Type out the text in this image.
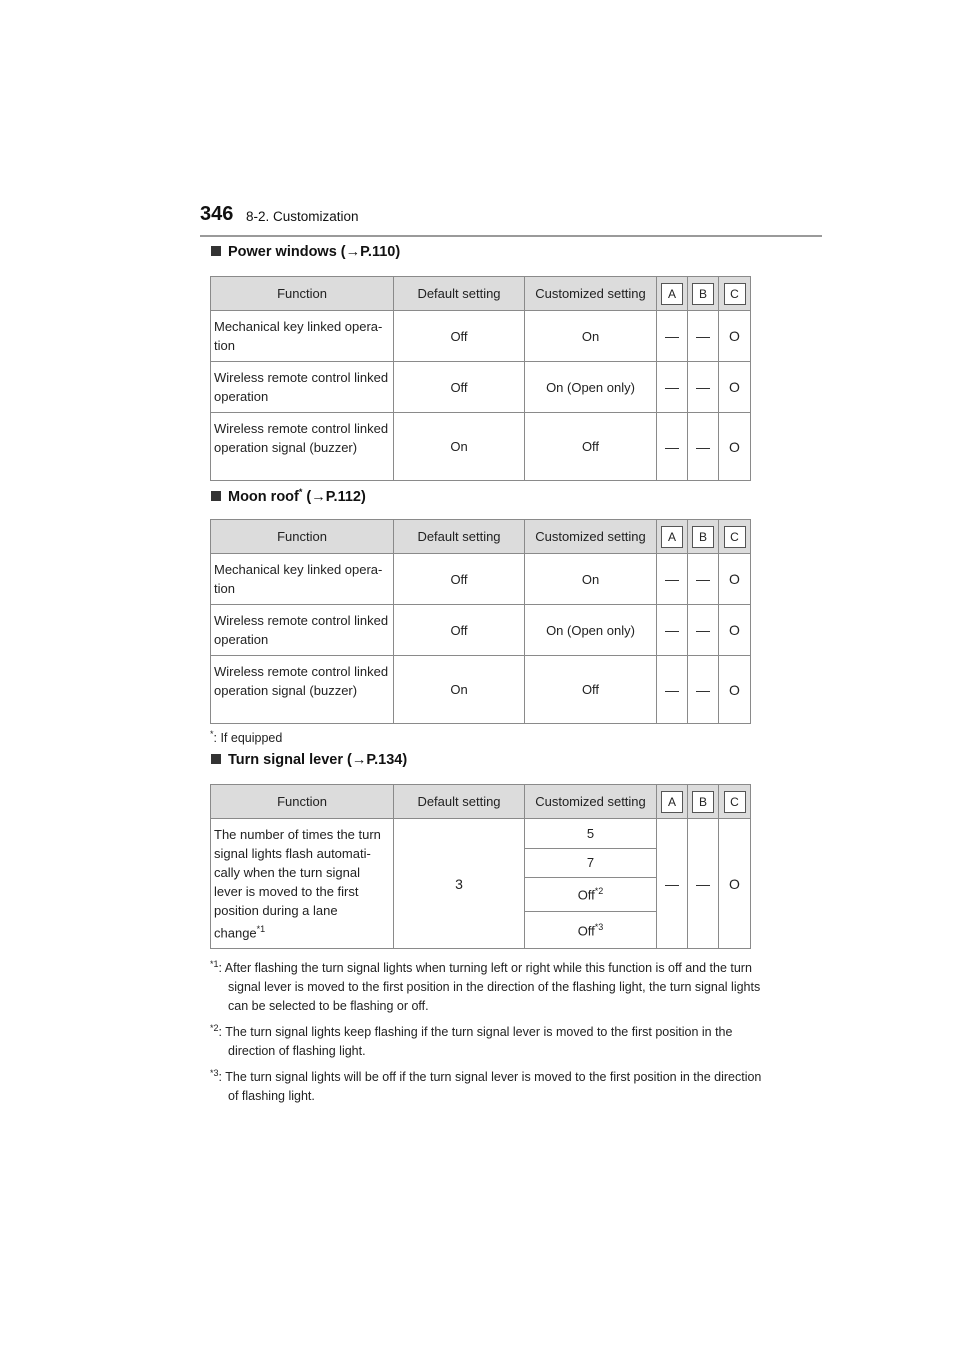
346 8-2. Customization
Power windows (→P.110)
Function	Default setting	Customized setting	A	B	C
Mechanical key linked opera-tion	Off	On	—	—	O
Wireless remote control linked operation	Off	On (Open only)	—	—	O
Wireless remote control linked operation signal (buzzer)	On	Off	—	—	O
Moon roof* (→P.112)
Function	Default setting	Customized setting	A	B	C
Mechanical key linked opera-tion	Off	On	—	—	O
Wireless remote control linked operation	Off	On (Open only)	—	—	O
Wireless remote control linked operation signal (buzzer)	On	Off	—	—	O
*: If equipped
Turn signal lever (→P.134)
Function	Default setting	Customized setting	A	B	C
The number of times the turn signal lights flash automati-cally when the turn signal lever is moved to the first position during a lane change$^{*1}$	3	5	—	—	O
		7			
		Off$^{*2}$
		Off$^{*3}$
$^{*1}$: After flashing the turn signal lights when turning left or right while this function is off and the turn signal lever is moved to the first position in the direction of the flashing light, the turn signal lights can be selected to be flashing or off.
$^{*2}$: The turn signal lights keep flashing if the turn signal lever is moved to the first position in the direction of flashing light.
$^{*3}$: The turn signal lights will be off if the turn signal lever is moved to the first position in the direction of flashing light.
